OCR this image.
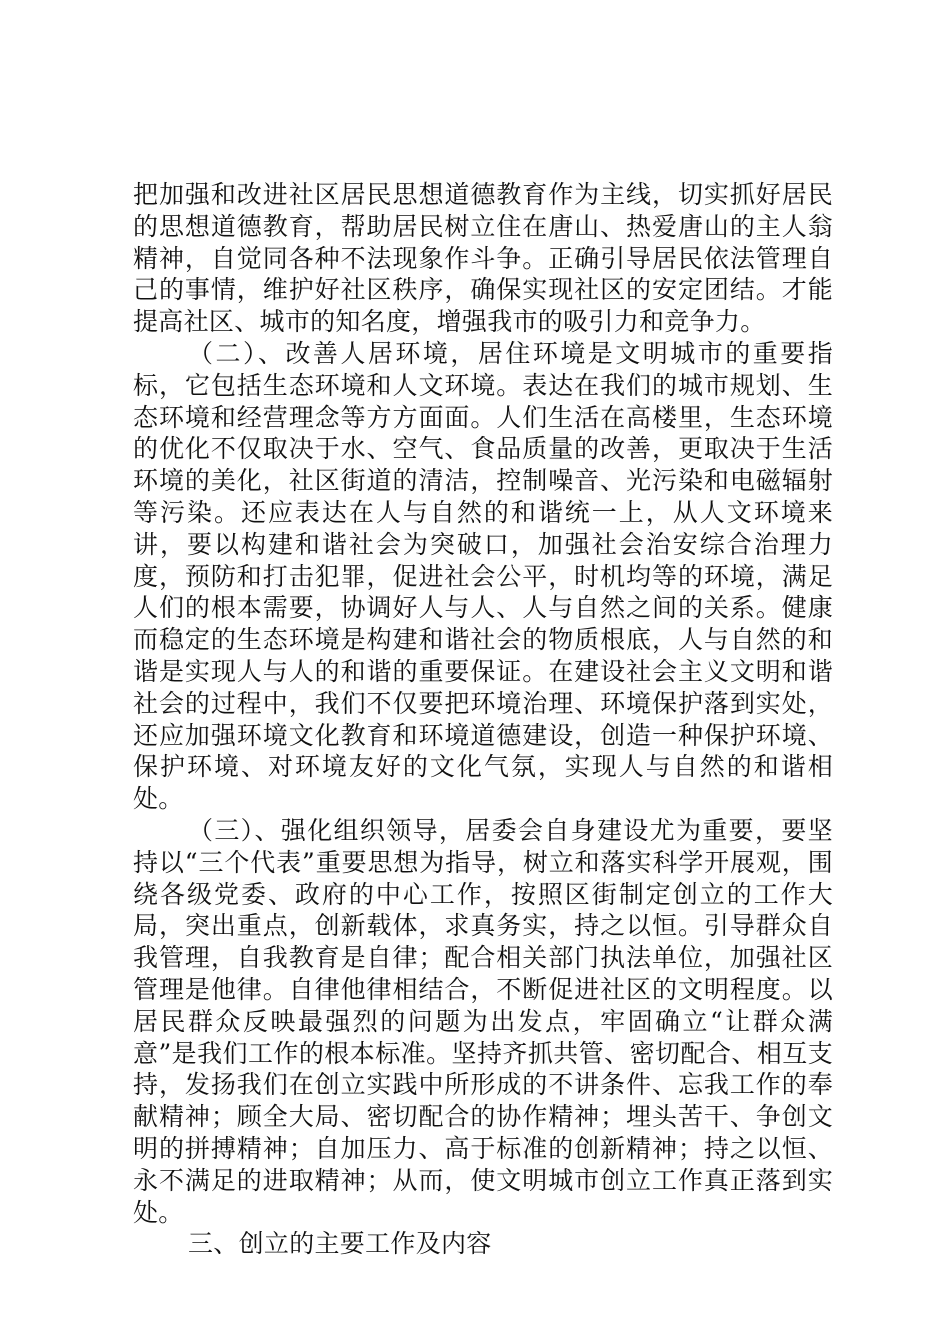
把加强和改进社区居民思想道德教育作为主线，切实抓好居民的思想道德教育，帮助居民树立住在唐山、热爱唐山的主人翁精神，自觉同各种不法现象作斗争。正确引导居民依法管理自己的事情，维护好社区秩序，确保实现社区的安定团结。才能提高社区、城市的知名度，增强我市的吸引力和竞争力。

（二）、改善人居环境，居住环境是文明城市的重要指标，它包括生态环境和人文环境。表达在我们的城市规划、生态环境和经营理念等方方面面。人们生活在高楼里，生态环境的优化不仅取决于水、空气、食品质量的改善，更取决于生活环境的美化，社区街道的清洁，控制噪音、光污染和电磁辐射等污染。还应表达在人与自然的和谐统一上，从人文环境来讲，要以构建和谐社会为突破口，加强社会治安综合治理力度，预防和打击犯罪，促进社会公平，时机均等的环境，满足人们的根本需要，协调好人与人、人与自然之间的关系。健康而稳定的生态环境是构建和谐社会的物质根底，人与自然的和谐是实现人与人的和谐的重要保证。在建设社会主义文明和谐社会的过程中，我们不仅要把环境治理、环境保护落到实处，还应加强环境文化教育和环境道德建设，创造一种保护环境、保护环境、对环境友好的文化气氛，实现人与自然的和谐相处。

（三）、强化组织领导，居委会自身建设尤为重要，要坚持以“三个代表”重要思想为指导，树立和落实科学开展观，围绕各级党委、政府的中心工作，按照区街制定创立的工作大局，突出重点，创新载体，求真务实，持之以恒。引导群众自我管理，自我教育是自律；配合相关部门执法单位，加强社区管理是他律。自律他律相结合，不断促进社区的文明程度。以居民群众反映最强烈的问题为出发点，牢固确立“让群众满意”是我们工作的根本标准。坚持齐抓共管、密切配合、相互支持，发扬我们在创立实践中所形成的不讲条件、忘我工作的奉献精神；顾全大局、密切配合的协作精神；埋头苦干、争创文明的拼搏精神；自加压力、高于标准的创新精神；持之以恒、永不满足的进取精神；从而，使文明城市创立工作真正落到实处。

三、创立的主要工作及内容
